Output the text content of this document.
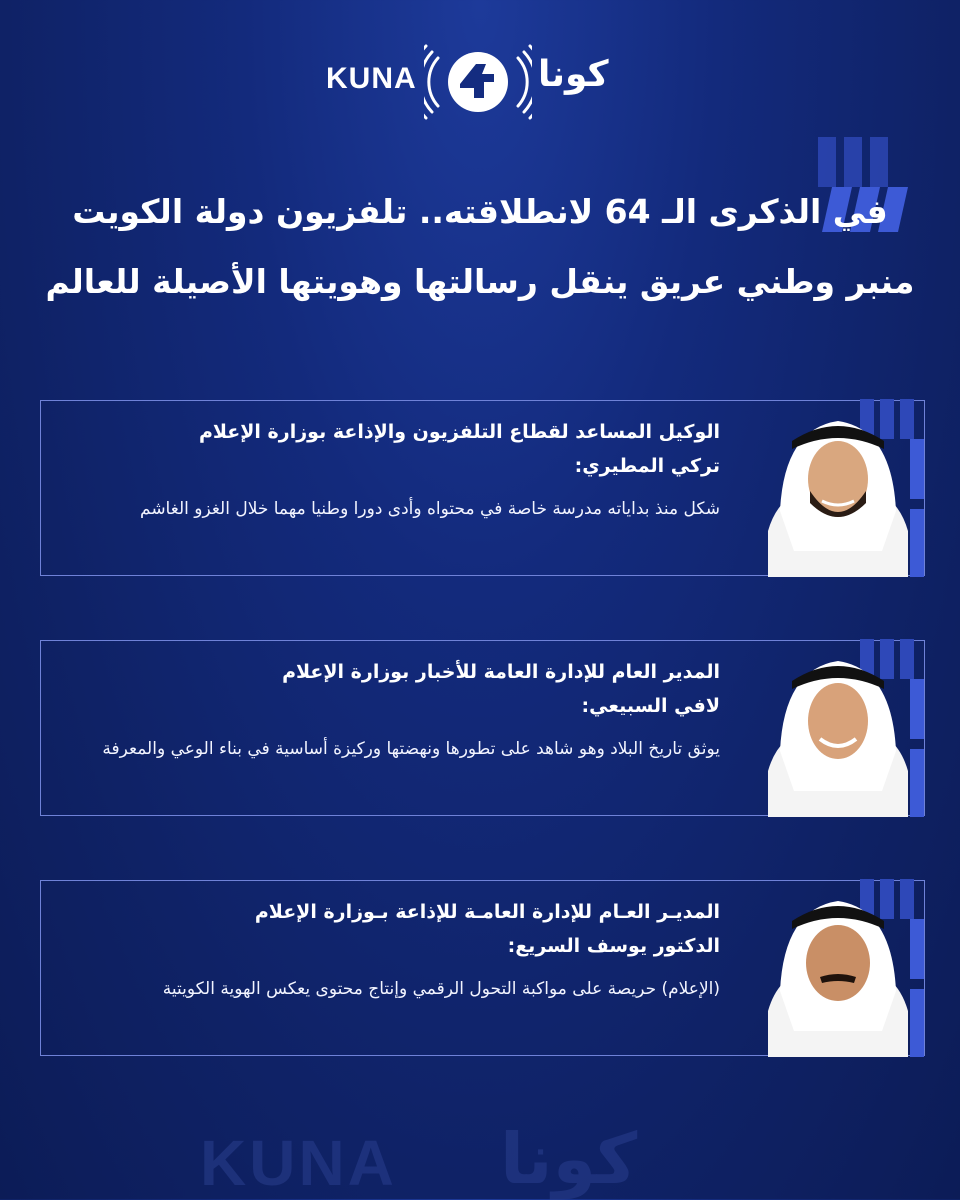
KUNA	كونا
في الذكرى الـ 64 لانطلاقته.. تلفزيون دولة الكويت
منبر وطني عريق ينقل رسالتها وهويتها الأصيلة للعالم

الوكيل المساعد لقطاع التلفزيون والإذاعة بوزارة الإعلام

تركي المطيري:

شكل منذ بداياته مدرسة خاصة في محتواه وأدى دورا وطنيا مهما خلال الغزو الغاشم

المدير العام للإدارة العامة للأخبار بوزارة الإعلام

لافي السبيعي:

يوثق تاريخ البلاد وهو شاهد على تطورها ونهضتها وركيزة أساسية في بناء الوعي والمعرفة

المديـر العـام للإدارة العامـة للإذاعة بـوزارة الإعلام

الدكتور يوسف السريع:

(الإعلام) حريصة على مواكبة التحول الرقمي وإنتاج محتوى يعكس الهوية الكويتية

KUNA كونا
